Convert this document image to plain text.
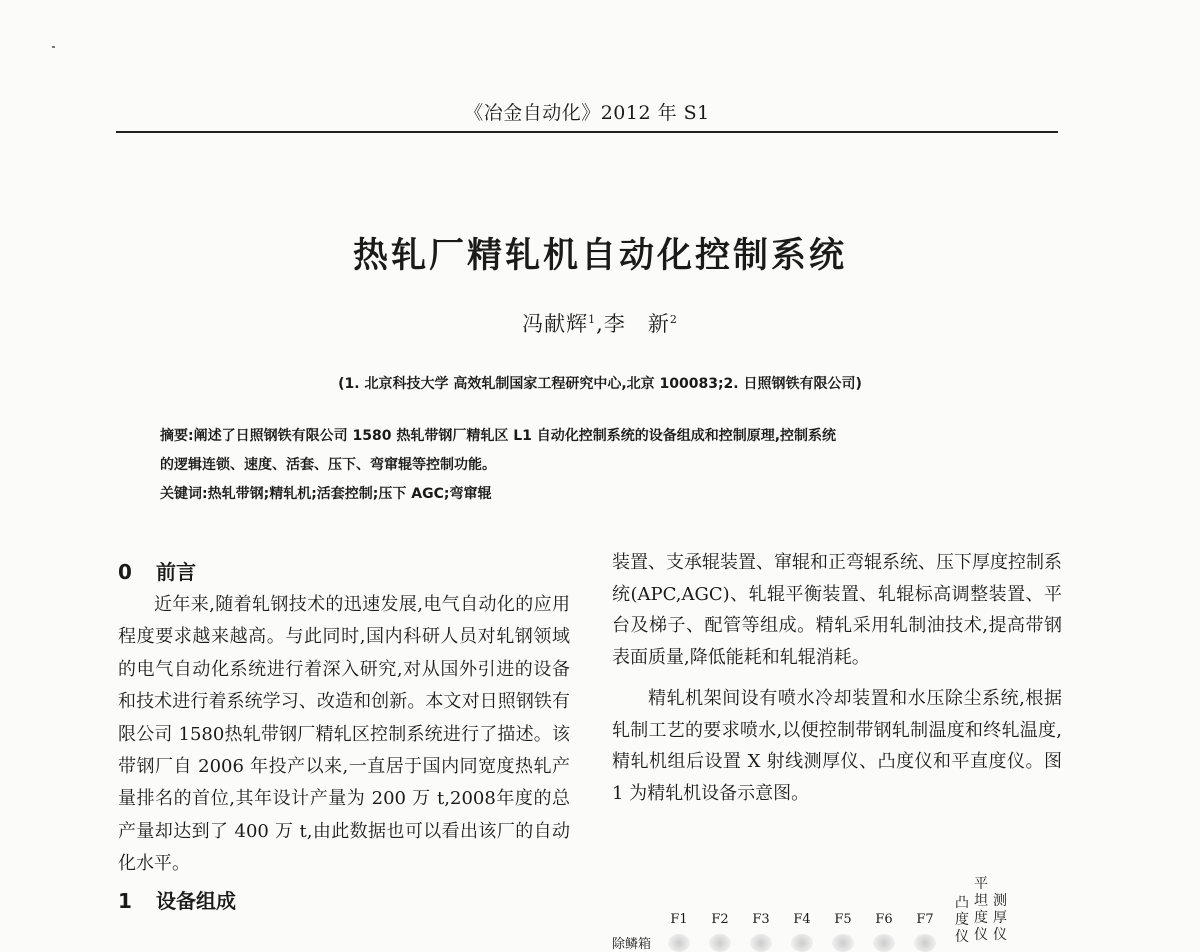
《冶金自动化》2012 年 S1
热轧厂精轧机自动化控制系统
冯献辉$^1$,李　新$^2$
(1. 北京科技大学 高效轧制国家工程研究中心,北京 100083;2. 日照钢铁有限公司)

摘要:阐述了日照钢铁有限公司 1580 热轧带钢厂精轧区 L1 自动化控制系统的设备组成和控制原理,控制系统

的逻辑连锁、速度、活套、压下、弯窜辊等控制功能。

关键词:热轧带钢;精轧机;活套控制;压下 AGC;弯窜辊

0 前言
近年来,随着轧钢技术的迅速发展,电气自动化的应用程度要求越来越高。与此同时,国内科研人员对轧钢领域的电气自动化系统进行着深入研究,对从国外引进的设备和技术进行着系统学习、改造和创新。本文对日照钢铁有限公司 1580热轧带钢厂精轧区控制系统进行了描述。该带钢厂自 2006 年投产以来,一直居于国内同宽度热轧产量排名的首位,其年设计产量为 200 万 t,2008年度的总产量却达到了 400 万 t,由此数据也可以看出该厂的自动化水平。
1 设备组成
装置、支承辊装置、窜辊和正弯辊系统、压下厚度控制系统(APC,AGC)、轧辊平衡装置、轧辊标高调整装置、平台及梯子、配管等组成。精轧采用轧制油技术,提高带钢表面质量,降低能耗和轧辊消耗。
精轧机架间设有喷水冷却装置和水压除尘系统,根据轧制工艺的要求喷水,以便控制带钢轧制温度和终轧温度,精轧机组后设置 X 射线测厚仪、凸度仪和平直度仪。图 1 为精轧机设备示意图。
除鳞箱
F1	F2	F3	F4	F5	F6	F7
凸度仪
平坦度仪
测厚仪
